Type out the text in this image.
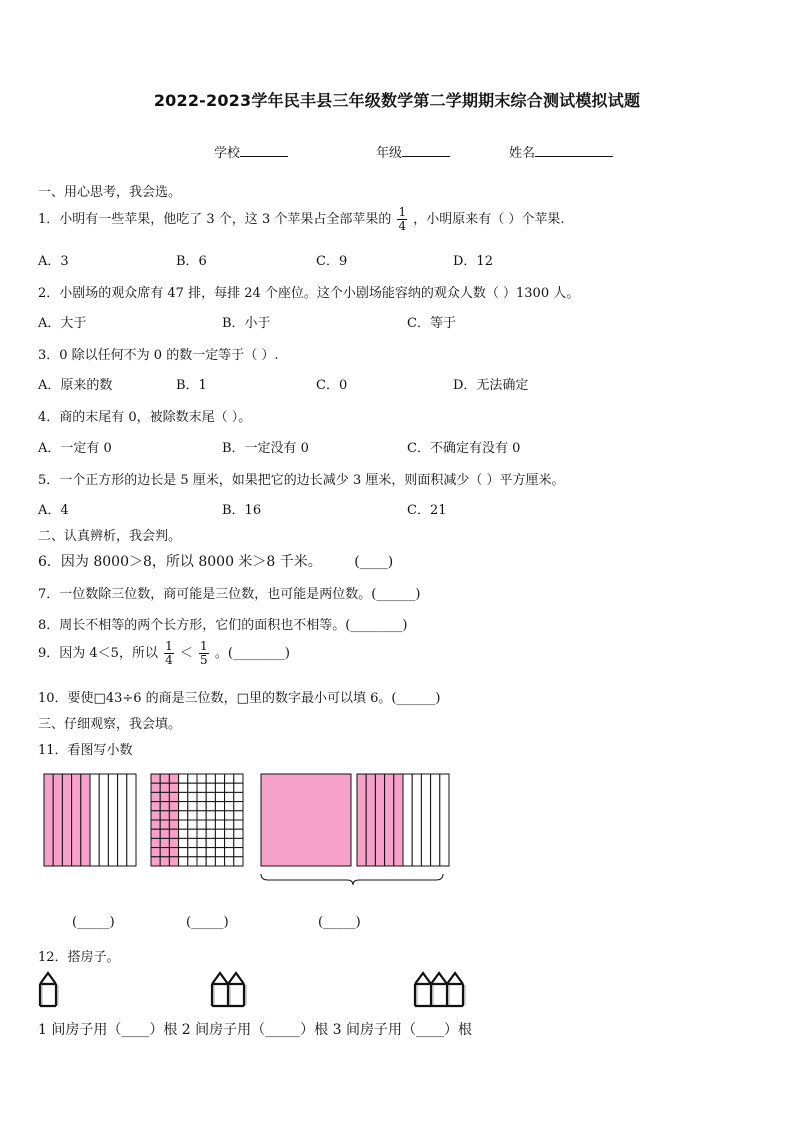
2022-2023学年民丰县三年级数学第二学期期末综合测试模拟试题
学校	年级	姓名
一、用心思考，我会选。
1．小明有一些苹果，他吃了 3 个，这 3 个苹果占全部苹果的 $\frac{1}{4}$ ，小明原来有（ ）个苹果.
A．3	B．6	C．9	D．12
2．小剧场的观众席有 47 排，每排 24 个座位。这个小剧场能容纳的观众人数（ ）1300 人。
A．大于	B．小于	C．等于
3．0 除以任何不为 0 的数一定等于（ ）.
A．原来的数	B．1	C．0	D．无法确定
4．商的末尾有 0，被除数末尾（ ）。
A．一定有 0	B．一定没有 0	C．不确定有没有 0
5．一个正方形的边长是 5 厘米，如果把它的边长减少 3 厘米，则面积减少（ ）平方厘米。
A．4	B．16	C．21
二、认真辨析，我会判。
6．因为 8000＞8，所以 8000 米＞8 千米。 (____)
7．一位数除三位数，商可能是三位数，也可能是两位数。(______)
8．周长不相等的两个长方形，它们的面积也不相等。(________)
9．因为 4＜5，所以 $\frac{1}{4} < \frac{1}{5}$ 。(________)
10．要使□43÷6 的商是三位数，□里的数字最小可以填 6。(______)
三、仔细观察，我会填。
11．看图写小数
(_____)	(_____)	(_____)
12．搭房子。
1 间房子用（____）根 2 间房子用（_____）根 3 间房子用（____）根
